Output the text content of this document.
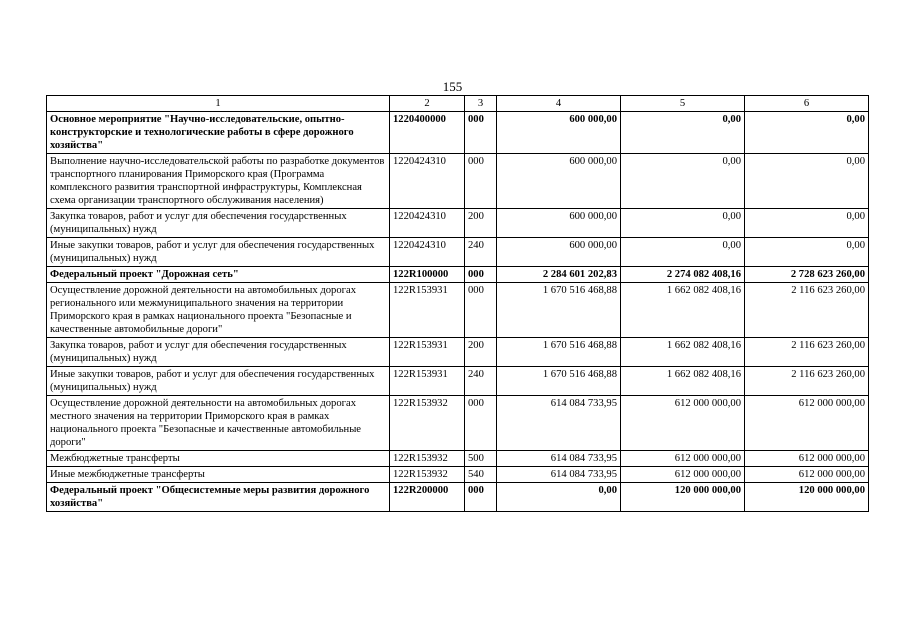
155
1	2	3	4	5	6
Основное мероприятие "Научно-исследовательские, опытно-конструкторские и технологические работы в сфере дорожного хозяйства"	1220400000	000	600 000,00	0,00	0,00
Выполнение научно-исследовательской работы по разработке документов транспортного планирования Приморского края (Программа комплексного развития транспортной инфраструктуры, Комплексная схема организации транспортного обслуживания населения)	1220424310	000	600 000,00	0,00	0,00
Закупка товаров, работ и услуг для обеспечения государственных (муниципальных) нужд	1220424310	200	600 000,00	0,00	0,00
Иные закупки товаров, работ и услуг для обеспечения государственных (муниципальных) нужд	1220424310	240	600 000,00	0,00	0,00
Федеральный проект "Дорожная сеть"	122R100000	000	2 284 601 202,83	2 274 082 408,16	2 728 623 260,00
Осуществление дорожной деятельности на автомобильных дорогах регионального или межмуниципального значения на территории Приморского края в рамках национального проекта "Безопасные и качественные автомобильные дороги"	122R153931	000	1 670 516 468,88	1 662 082 408,16	2 116 623 260,00
Закупка товаров, работ и услуг для обеспечения государственных (муниципальных) нужд	122R153931	200	1 670 516 468,88	1 662 082 408,16	2 116 623 260,00
Иные закупки товаров, работ и услуг для обеспечения государственных (муниципальных) нужд	122R153931	240	1 670 516 468,88	1 662 082 408,16	2 116 623 260,00
Осуществление дорожной деятельности на автомобильных дорогах местного значения на территории Приморского края в рамках национального проекта "Безопасные и качественные автомобильные дороги"	122R153932	000	614 084 733,95	612 000 000,00	612 000 000,00
Межбюджетные трансферты	122R153932	500	614 084 733,95	612 000 000,00	612 000 000,00
Иные межбюджетные трансферты	122R153932	540	614 084 733,95	612 000 000,00	612 000 000,00
Федеральный проект "Общесистемные меры развития дорожного хозяйства"	122R200000	000	0,00	120 000 000,00	120 000 000,00
